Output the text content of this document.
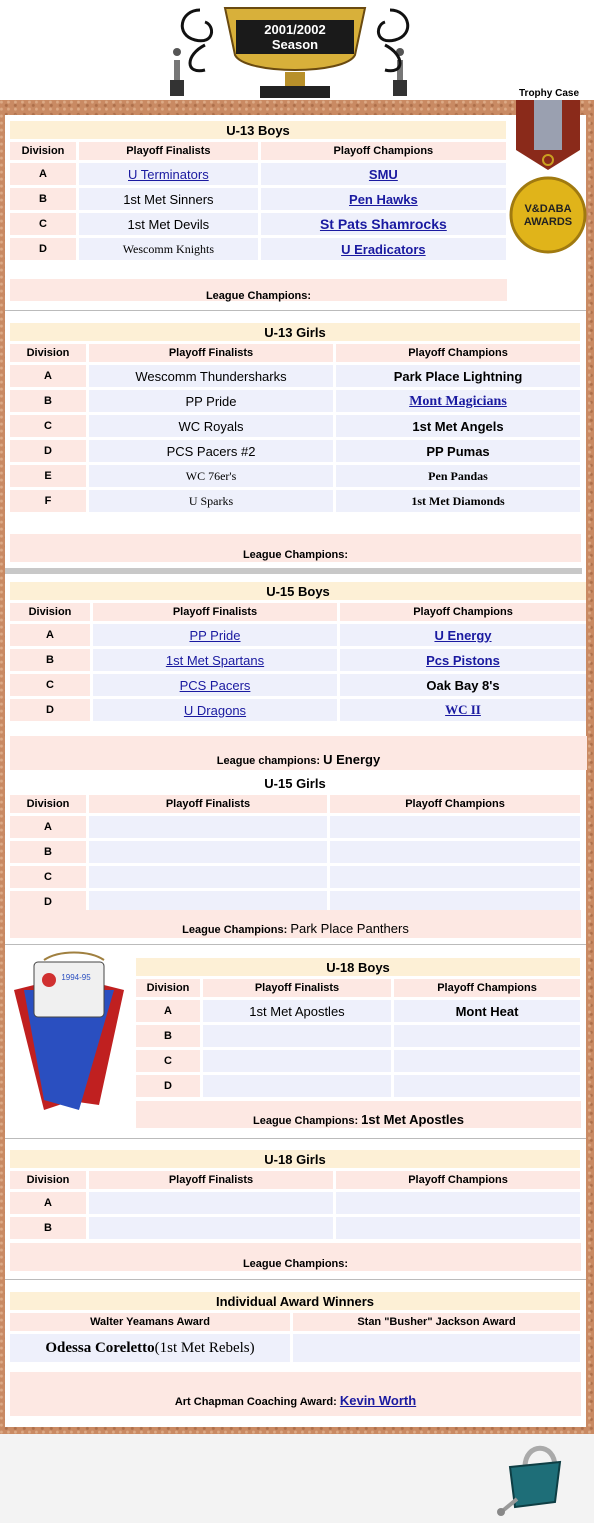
2001/2002
Season
Trophy Case
V&DABA
AWARDS
U-13 Boys		
Division	Playoff Finalists	Playoff Champions
A	U Terminators	SMU
B	1st Met Sinners	Pen Hawks
C	1st Met Devils	St Pats Shamrocks
D	Wescomm Knights	U Eradicators
League Champions:
U-13 Girls		
Division	Playoff Finalists	Playoff Champions
A	Wescomm Thundersharks	Park Place Lightning
B	PP Pride	Mont Magicians
C	WC Royals	1st Met Angels
D	PCS Pacers #2	PP Pumas
E	WC 76er's	Pen Pandas
F	U Sparks	1st Met Diamonds
League Champions:
U-15 Boys		
Division	Playoff Finalists	Playoff Champions
A	PP Pride	U Energy
B	1st Met Spartans	Pcs Pistons
C	PCS Pacers	Oak Bay 8's
D	U Dragons	WC II
League champions: U Energy
U-15 Girls		
Division	Playoff Finalists	Playoff Champions
A		
B		
C		
D		
League Champions: Park Place Panthers
1994-95
U-18 Boys		
Division	Playoff Finalists	Playoff Champions
A	1st Met Apostles	Mont Heat
B		
C		
D		
League Champions: 1st Met Apostles
U-18 Girls		
Division	Playoff Finalists	Playoff Champions
A		
B		
League Champions:
Individual Award Winners	
Walter Yeamans Award	Stan "Busher" Jackson Award
Odessa Coreletto(1st Met Rebels)	
Art Chapman Coaching Award: Kevin Worth
